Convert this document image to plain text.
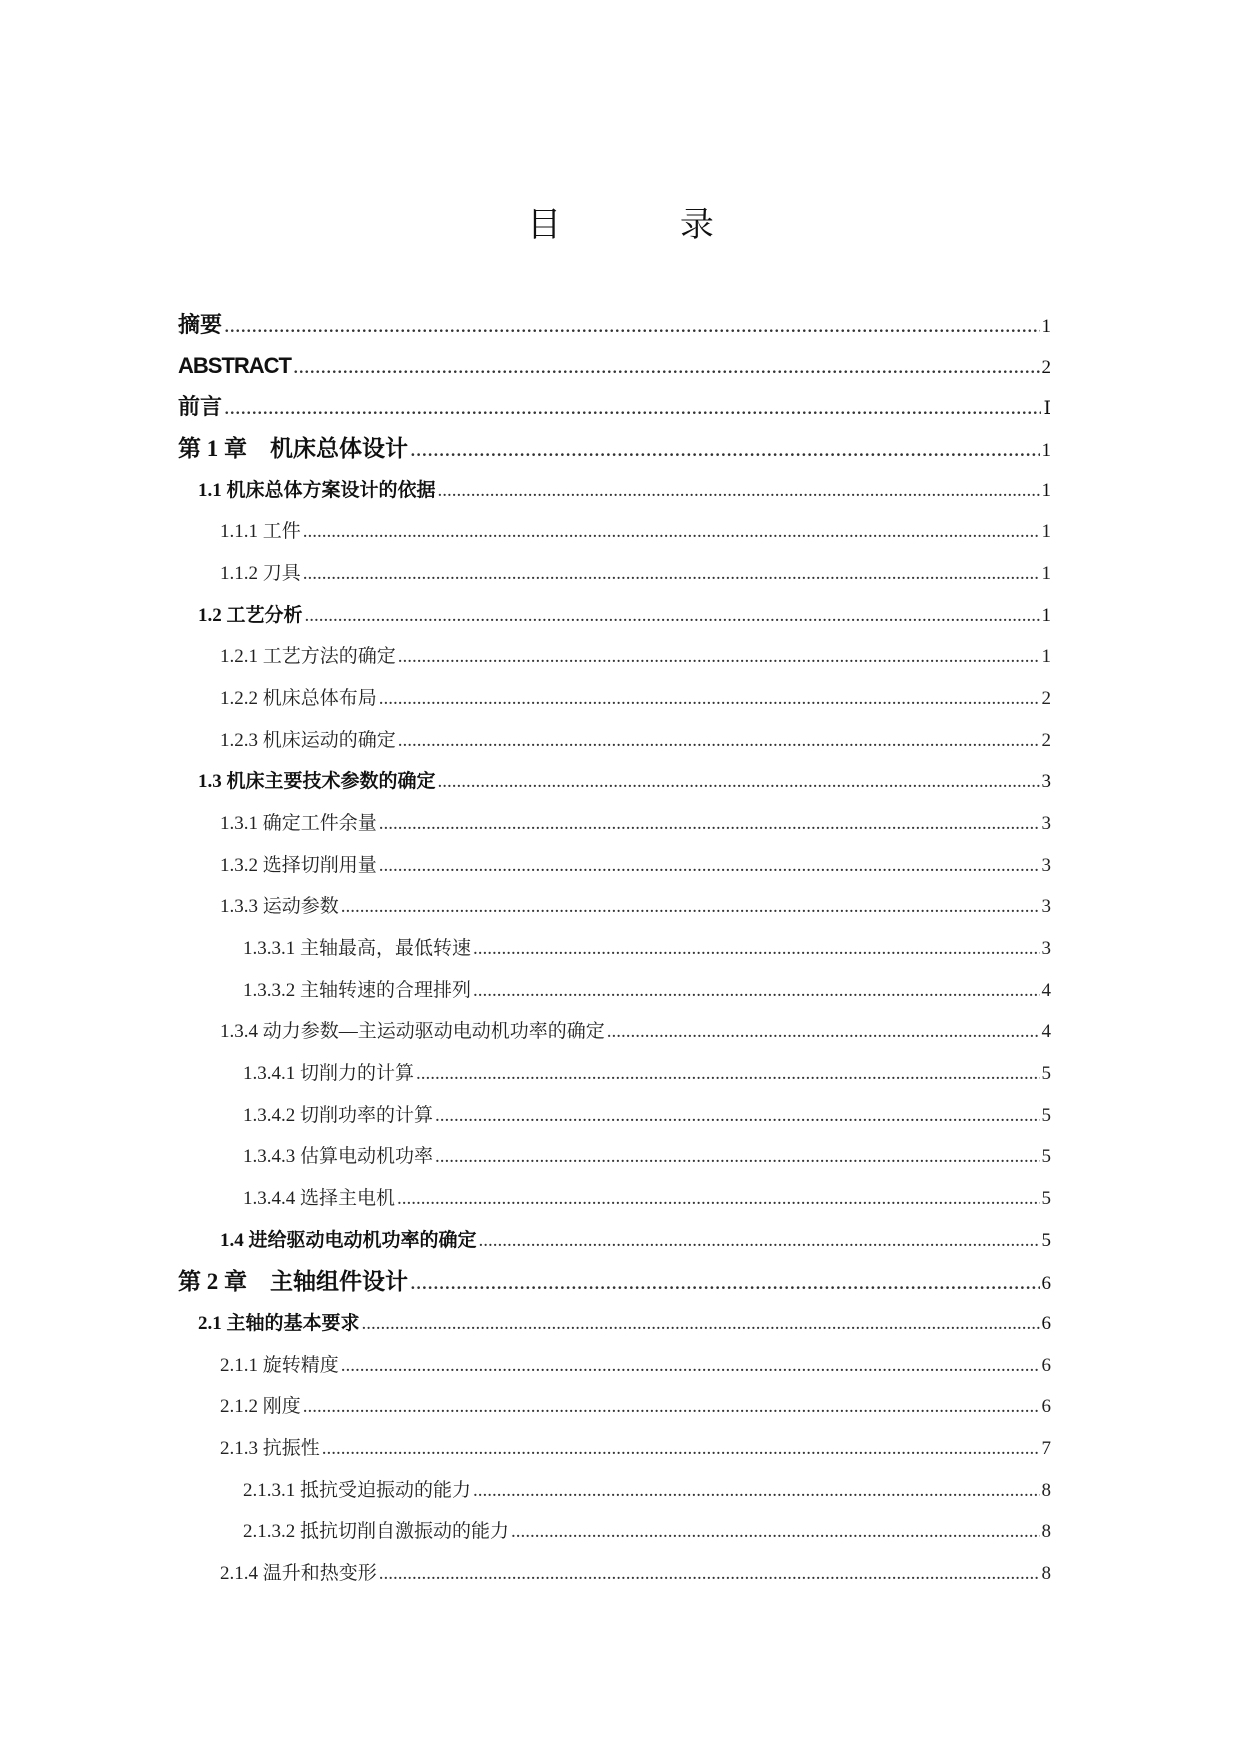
目 录
摘要 .....	1
ABSTRACT .....	2
前言 .....	Ⅰ
第 1 章　机床总体设计 .....	1
1.1 机床总体方案设计的依据 .....	1
1.1.1 工件 .....	1
1.1.2 刀具 .....	1
1.2 工艺分析 .....	1
1.2.1 工艺方法的确定 .....	1
1.2.2 机床总体布局 .....	2
1.2.3 机床运动的确定 .....	2
1.3 机床主要技术参数的确定 .....	3
1.3.1 确定工件余量 .....	3
1.3.2 选择切削用量 .....	3
1.3.3 运动参数 .....	3
1.3.3.1 主轴最高，最低转速 .....	3
1.3.3.2 主轴转速的合理排列 .....	4
1.3.4 动力参数—主运动驱动电动机功率的确定 .....	4
1.3.4.1 切削力的计算 .....	5
1.3.4.2 切削功率的计算 .....	5
1.3.4.3 估算电动机功率 .....	5
1.3.4.4 选择主电机 .....	5
1.4 进给驱动电动机功率的确定 .....	5
第 2 章　主轴组件设计 .....	6
2.1 主轴的基本要求 .....	6
2.1.1 旋转精度 .....	6
2.1.2 刚度 .....	6
2.1.3 抗振性 .....	7
2.1.3.1 抵抗受迫振动的能力 .....	8
2.1.3.2 抵抗切削自激振动的能力 .....	8
2.1.4 温升和热变形 .....	8
